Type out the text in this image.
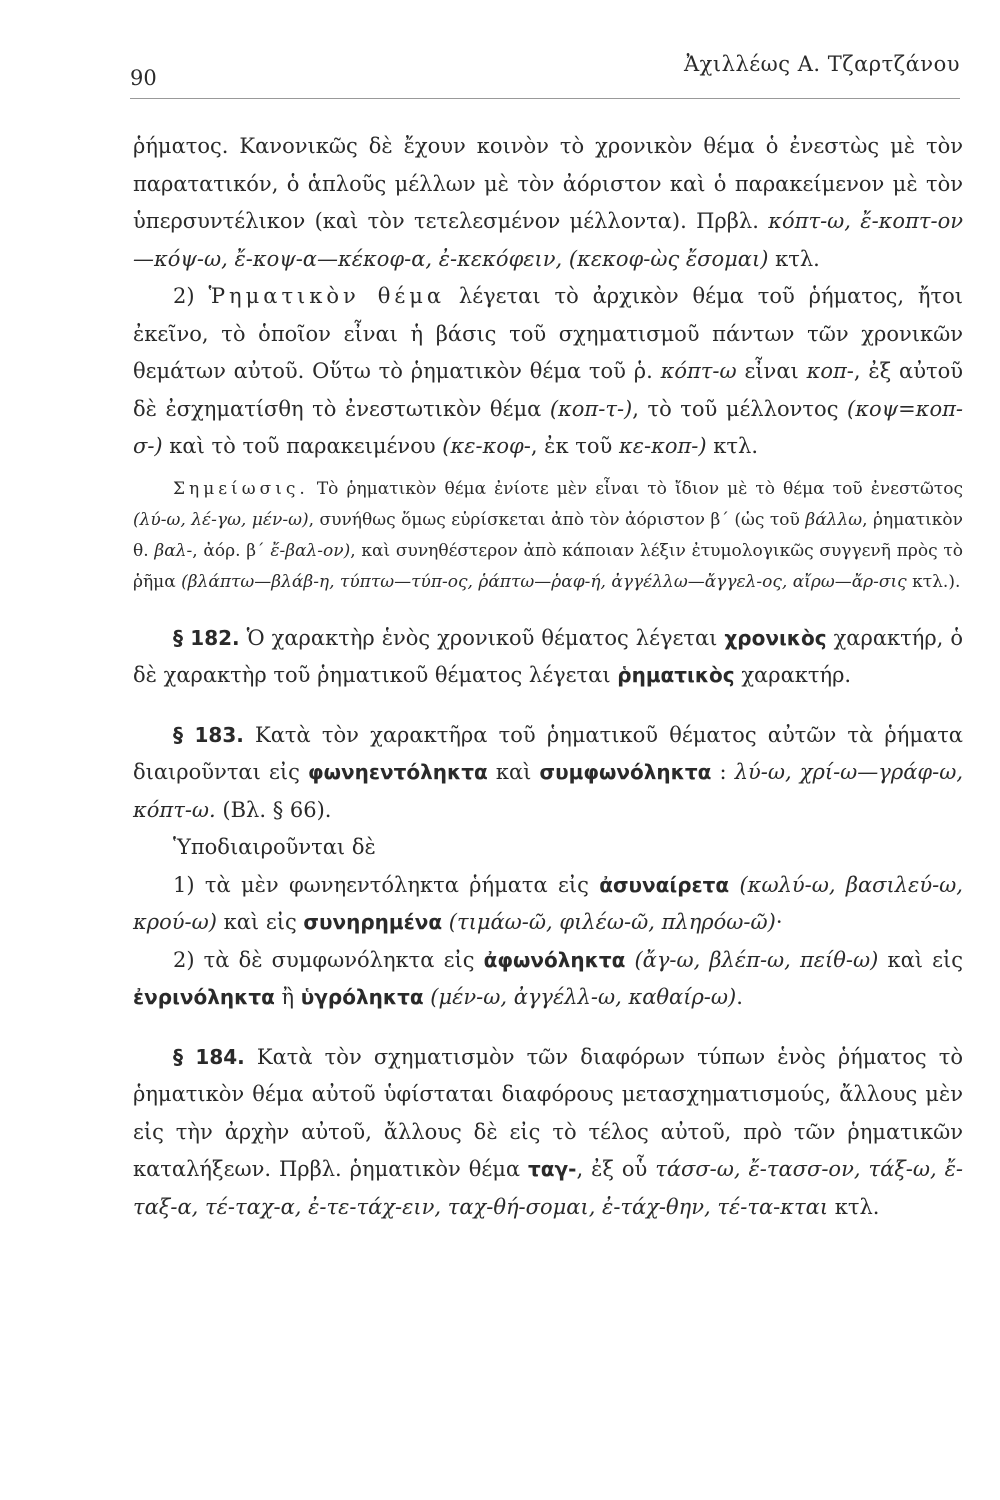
90
Ἀχιλλέως Α. Τζαρτζάνου

ῥήματος. Κανονικῶς δὲ ἔχουν κοινὸν τὸ χρονικὸν θέμα ὁ ἐνεστὼς μὲ τὸν παρατατικόν, ὁ ἁπλοῦς μέλλων μὲ τὸν ἀόριστον καὶ ὁ παρακείμενον μὲ τὸν ὑπερσυντέλικον (καὶ τὸν τετελεσμένον μέλλοντα). Πρβλ. κόπτ-ω, ἔ-κοπτ-ον—κόψ-ω, ἔ-κοψ-α—κέκοφ-α, ἐ-κεκόφειν, (κεκοφ-ὼς ἔσομαι) κτλ.

2) Ῥηματικὸν θέμα λέγεται τὸ ἀρχικὸν θέμα τοῦ ῥήματος, ἤτοι ἐκεῖνο, τὸ ὁποῖον εἶναι ἡ βάσις τοῦ σχηματισμοῦ πάντων τῶν χρονικῶν θεμάτων αὐτοῦ. Οὕτω τὸ ῥηματικὸν θέμα τοῦ ῥ. κόπτ-ω εἶναι κοπ-, ἐξ αὐτοῦ δὲ ἐσχηματίσθη τὸ ἐνεστωτικὸν θέμα (κοπ-τ-), τὸ τοῦ μέλλοντος (κοψ=κοπ-σ-) καὶ τὸ τοῦ παρακειμένου (κε-κοφ-, ἐκ τοῦ κε-κοπ-) κτλ.

Σημείωσις. Τὸ ῥηματικὸν θέμα ἐνίοτε μὲν εἶναι τὸ ἴδιον μὲ τὸ θέμα τοῦ ἐνεστῶτος (λύ-ω, λέ-γω, μέν-ω), συνήθως ὅμως εὑρίσκεται ἀπὸ τὸν ἀόριστον β΄ (ὡς τοῦ βάλλω, ῥηματικὸν θ. βαλ-, ἀόρ. β΄ ἔ-βαλ-ον), καὶ συνηθέστερον ἀπὸ κάποιαν λέξιν ἐτυμολογικῶς συγγενῆ πρὸς τὸ ῥῆμα (βλάπτω—βλάβ-η, τύπτω—τύπ-ος, ῥάπτω—ῥαφ-ή, ἀγγέλλω—ἄγγελ-ος, αἴρω—ἄρ-σις κτλ.).

§ 182. Ὁ χαρακτὴρ ἑνὸς χρονικοῦ θέματος λέγεται χρονικὸς χαρακτήρ, ὁ δὲ χαρακτὴρ τοῦ ῥηματικοῦ θέματος λέγεται ῥηματικὸς χαρακτήρ.

§ 183. Κατὰ τὸν χαρακτῆρα τοῦ ῥηματικοῦ θέματος αὐτῶν τὰ ῥήματα διαιροῦνται εἰς φωνηεντόληκτα καὶ συμφωνόληκτα : λύ-ω, χρί-ω—γράφ-ω, κόπτ-ω. (Βλ. § 66).

Ὑποδιαιροῦνται δὲ

1) τὰ μὲν φωνηεντόληκτα ῥήματα εἰς ἀσυναίρετα (κωλύ-ω, βασιλεύ-ω, κρού-ω) καὶ εἰς συνηρημένα (τιμάω-ῶ, φιλέω-ῶ, πληρόω-ῶ)·

2) τὰ δὲ συμφωνόληκτα εἰς ἀφωνόληκτα (ἄγ-ω, βλέπ-ω, πείθ-ω) καὶ εἰς ἐνρινόληκτα ἢ ὑγρόληκτα (μέν-ω, ἀγγέλλ-ω, καθαίρ-ω).

§ 184. Κατὰ τὸν σχηματισμὸν τῶν διαφόρων τύπων ἑνὸς ῥήματος τὸ ῥηματικὸν θέμα αὐτοῦ ὑφίσταται διαφόρους μετασχηματισμούς, ἄλλους μὲν εἰς τὴν ἀρχὴν αὐτοῦ, ἄλλους δὲ εἰς τὸ τέλος αὐτοῦ, πρὸ τῶν ῥηματικῶν καταλήξεων. Πρβλ. ῥηματικὸν θέμα ταγ-, ἐξ οὗ τάσσ-ω, ἔ-τασσ-ον, τάξ-ω, ἔ-ταξ-α, τέ-ταχ-α, ἐ-τε-τάχ-ειν, ταχ-θή-σομαι, ἐ-τάχ-θην, τέ-τα-κται κτλ.
